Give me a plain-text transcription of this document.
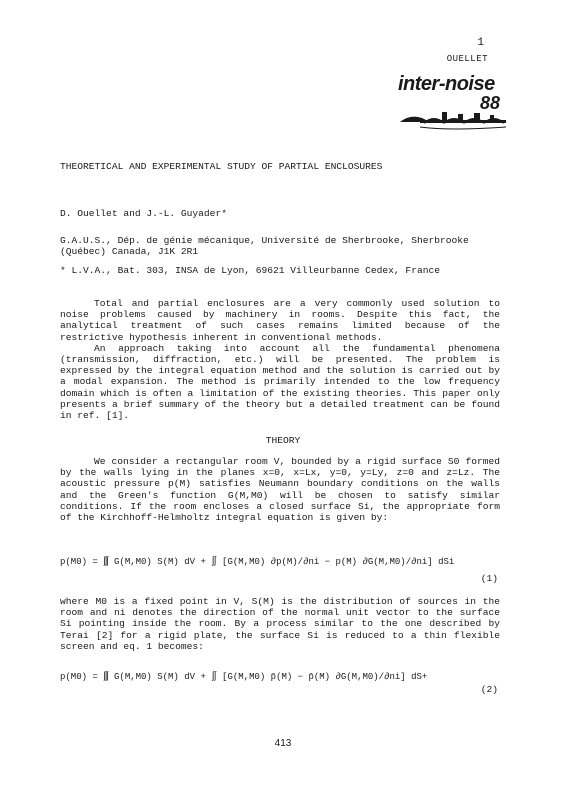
1
OUELLET
inter-noise
88
THEORETICAL AND EXPERIMENTAL STUDY OF PARTIAL ENCLOSURES
D. Ouellet and J.-L. Guyader*
G.A.U.S., Dép. de génie mécanique, Université de Sherbrooke, Sherbrooke
(Québec) Canada, J1K 2R1
* L.V.A., Bat. 303, INSA de Lyon, 69621 Villeurbanne Cedex, France

Total and partial enclosures are a very commonly used solution to noise problems caused by machinery in rooms. Despite this fact, the analytical treatment of such cases remains limited because of the restrictive hypothesis inherent in conventional methods.

An approach taking into account all the fundamental phenomena (transmission, diffraction, etc.) will be presented. The problem is expressed by the integral equation method and the solution is carried out by a modal expansion. The method is primarily intended to the low frequency domain which is often a limitation of the existing theories. This paper only presents a brief summary of the theory but a detailed treatment can be found in ref. [1].

THEORY

We consider a rectangular room V, bounded by a rigid surface S0 formed by the walls lying in the planes x=0, x=Lx, y=0, y=Ly, z=0 and z=Lz. The acoustic pressure p(M) satisfies Neumann boundary conditions on the walls and the Green's function G(M,M0) will be chosen to satisfy similar conditions. If the room encloses a closed surface Si, the appropriate form of the Kirchhoff-Helmholtz integral equation is given by:

p(M0) = ∭ G(M,M0) S(M) dV + ∬ [G(M,M0) ∂p(M)/∂ni − p(M) ∂G(M,M0)/∂ni] dSi
(1)

where M0 is a fixed point in V, S(M) is the distribution of sources in the room and ni denotes the direction of the normal unit vector to the surface Si pointing inside the room. By a process similar to the one described by Terai [2] for a rigid plate, the surface Si is reduced to a thin flexible screen and eq. 1 becomes:

p(M0) = ∭ G(M,M0) S(M) dV + ∬ [G(M,M0) p̄(M) − p̄(M) ∂G(M,M0)/∂ni] dS+
(2)
413
